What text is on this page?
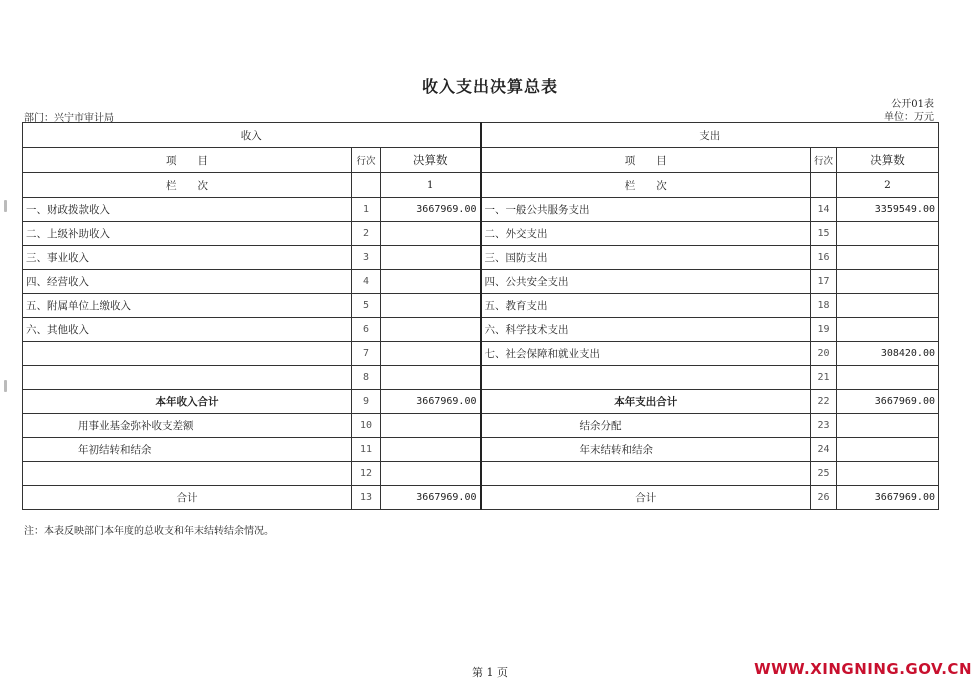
收入支出决算总表
部门：兴宁市审计局
公开01表
单位：万元
收入			支出		
项　　目	行次	决算数	项　　目	行次	决算数
栏　　次		1	栏　　次		2
一、财政拨款收入	1	3667969.00	一、一般公共服务支出	14	3359549.00
二、上级补助收入	2		二、外交支出	15	
三、事业收入	3		三、国防支出	16	
四、经营收入	4		四、公共安全支出	17	
五、附属单位上缴收入	5		五、教育支出	18	
六、其他收入	6		六、科学技术支出	19	
	7		七、社会保障和就业支出	20	308420.00
	8			21	
本年收入合计	9	3667969.00	本年支出合计	22	3667969.00
用事业基金弥补收支差额	10		结余分配	23	
年初结转和结余	11		年末结转和结余	24	
	12			25	
合计	13	3667969.00	合计	26	3667969.00
注：本表反映部门本年度的总收支和年末结转结余情况。
第 1 页	WWW.XINGNING.GOV.CN
